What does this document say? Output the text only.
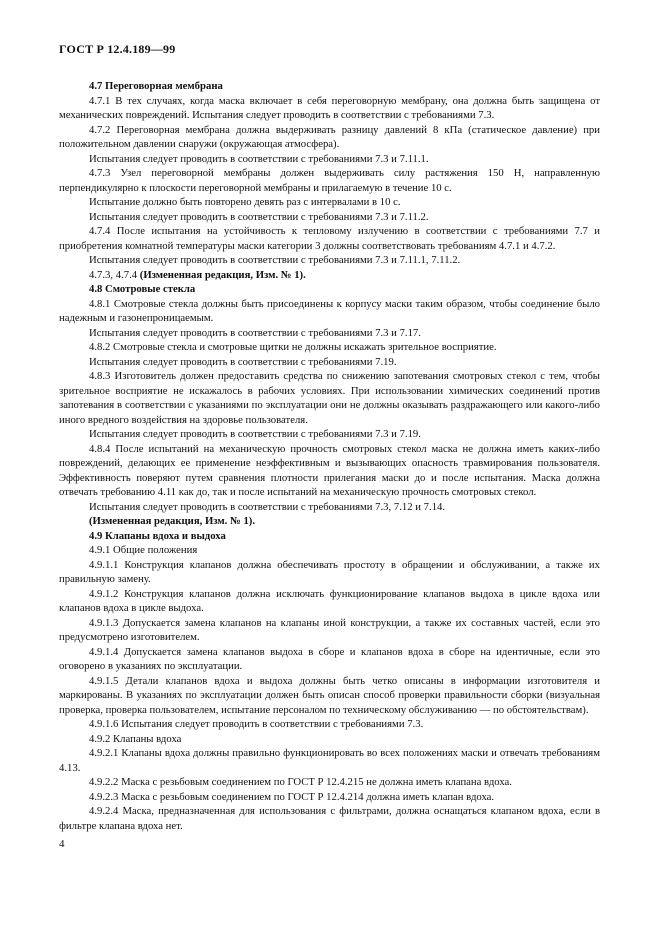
ГОСТ Р 12.4.189—99

4.7 Переговорная мембрана

4.7.1 В тех случаях, когда маска включает в себя переговорную мембрану, она должна быть защищена от механических повреждений. Испытания следует проводить в соответствии с требованиями 7.3.

4.7.2 Переговорная мембрана должна выдерживать разницу давлений 8 кПа (статическое давление) при положительном давлении снаружи (окружающая атмосфера).

Испытания следует проводить в соответствии с требованиями 7.3 и 7.11.1.

4.7.3 Узел переговорной мембраны должен выдерживать силу растяжения 150 Н, направленную перпендикулярно к плоскости переговорной мембраны и прилагаемую в течение 10 с.

Испытание должно быть повторено девять раз с интервалами в 10 с.

Испытания следует проводить в соответствии с требованиями 7.3 и 7.11.2.

4.7.4 После испытания на устойчивость к тепловому излучению в соответствии с требованиями 7.7 и приобретения комнатной температуры маски категории 3 должны соответствовать требованиям 4.7.1 и 4.7.2.

Испытания следует проводить в соответствии с требованиями 7.3 и 7.11.1, 7.11.2.

4.7.3, 4.7.4 (Измененная редакция, Изм. № 1).

4.8 Смотровые стекла

4.8.1 Смотровые стекла должны быть присоединены к корпусу маски таким образом, чтобы соединение было надежным и газонепроницаемым.

Испытания следует проводить в соответствии с требованиями 7.3 и 7.17.

4.8.2 Смотровые стекла и смотровые щитки не должны искажать зрительное восприятие.

Испытания следует проводить в соответствии с требованиями 7.19.

4.8.3 Изготовитель должен предоставить средства по снижению запотевания смотровых стекол с тем, чтобы зрительное восприятие не искажалось в рабочих условиях. При использовании химических соединений против запотевания в соответствии с указаниями по эксплуатации они не должны оказывать раздражающего или какого-либо иного вредного воздействия на здоровье пользователя.

Испытания следует проводить в соответствии с требованиями 7.3 и 7.19.

4.8.4 После испытаний на механическую прочность смотровых стекол маска не должна иметь каких-либо повреждений, делающих ее применение неэффективным и вызывающих опасность травмирования пользователя. Эффективность поверяют путем сравнения плотности прилегания маски до и после испытания. Маска должна отвечать требованию 4.11 как до, так и после испытаний на механическую прочность смотровых стекол.

Испытания следует проводить в соответствии с требованиями 7.3, 7.12 и 7.14.

(Измененная редакция, Изм. № 1).

4.9 Клапаны вдоха и выдоха

4.9.1 Общие положения

4.9.1.1 Конструкция клапанов должна обеспечивать простоту в обращении и обслуживании, а также их правильную замену.

4.9.1.2 Конструкция клапанов должна исключать функционирование клапанов выдоха в цикле вдоха или клапанов вдоха в цикле выдоха.

4.9.1.3 Допускается замена клапанов на клапаны иной конструкции, а также их составных частей, если это предусмотрено изготовителем.

4.9.1.4 Допускается замена клапанов выдоха в сборе и клапанов вдоха в сборе на идентичные, если это оговорено в указаниях по эксплуатации.

4.9.1.5 Детали клапанов вдоха и выдоха должны быть четко описаны в информации изготовителя и маркированы. В указаниях по эксплуатации должен быть описан способ проверки правильности сборки (визуальная проверка, проверка пользователем, испытание персоналом по техническому обслуживанию — по обстоятельствам).

4.9.1.6 Испытания следует проводить в соответствии с требованиями 7.3.

4.9.2 Клапаны вдоха

4.9.2.1 Клапаны вдоха должны правильно функционировать во всех положениях маски и отвечать требованиям 4.13.

4.9.2.2 Маска с резьбовым соединением по ГОСТ Р 12.4.215 не должна иметь клапана вдоха.

4.9.2.3 Маска с резьбовым соединением по ГОСТ Р 12.4.214 должна иметь клапан вдоха.

4.9.2.4 Маска, предназначенная для использования с фильтрами, должна оснащаться клапаном вдоха, если в фильтре клапана вдоха нет.

4
